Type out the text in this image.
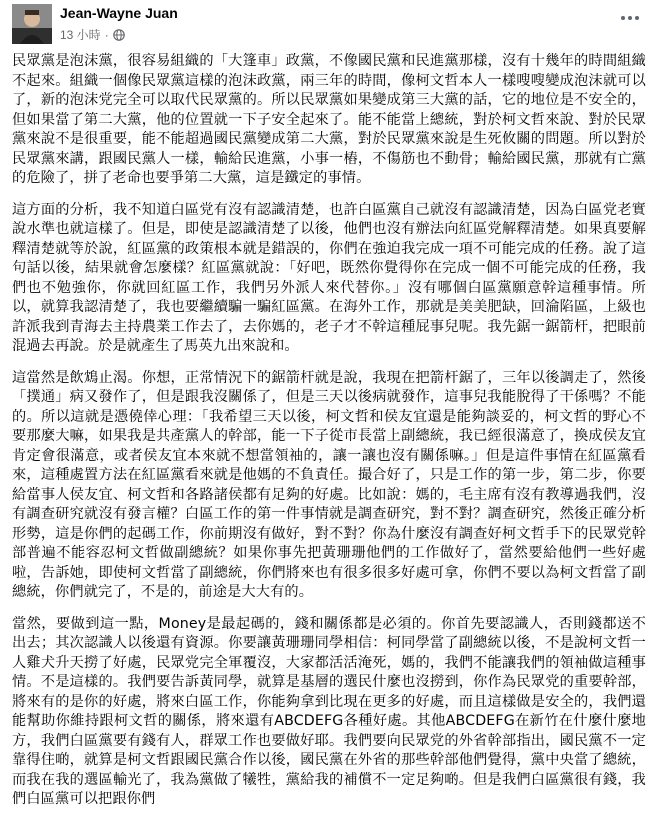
Jean-Wayne Juan
13 小時 ·

民眾黨是泡沫黨，很容易組織的「大篷車」政黨，不像國民黨和民進黨那樣，沒有十幾年的時間組織不起來。組織一個像民眾黨這樣的泡沫政黨，兩三年的時間，像柯文哲本人一樣嗖嗖變成泡沫就可以了，新的泡沫党完全可以取代民眾黨的。所以民眾黨如果變成第三大黨的話，它的地位是不安全的，但如果當了第二大黨，他的位置就一下子安全起來了。能不能當上總統，對於柯文哲來說、對於民眾黨來說不是很重要，能不能超過國民黨變成第二大黨，對於民眾黨來說是生死攸關的問題。所以對於民眾黨來講，跟國民黨人一樣，輸給民進黨，小事一樁，不傷筋也不動骨；輸給國民黨，那就有亡黨的危險了，拼了老命也要爭第二大黨，這是鐵定的事情。

這方面的分析，我不知道白區党有沒有認識清楚，也許白區黨自己就沒有認識清楚，因為白區党老實說水準也就這樣了。但是，即使是認識清楚了以後，他們也沒有辦法向紅區党解釋清楚。如果真要解釋清楚就等於說，紅區黨的政策根本就是錯誤的，你們在強迫我完成一項不可能完成的任務。說了這句話以後，結果就會怎麼樣？紅區黨就說：「好吧，既然你覺得你在完成一個不可能完成的任務，我們也不勉強你，你就回紅區工作，我們另外派人來代替你。」沒有哪個白區黨願意幹這種事情。所以，就算我認清楚了，我也要繼續騙一騙紅區黨。在海外工作，那就是美美肥缺，回淪陷區，上級也許派我到青海去主持農業工作去了，去你媽的，老子才不幹這種屁事兒呢。我先鋸一鋸箭杆，把眼前混過去再說。於是就產生了馬英九出來說和。

這當然是飲鴆止渴。你想，正常情況下的鋸箭杆就是說，我現在把箭杆鋸了，三年以後調走了，然後「撲通」病又發作了，但是跟我沒關係了，但是三天以後病就發作，這事兒我能脫得了干係嗎？不能的。所以這就是憑僥倖心理：「我希望三天以後，柯文哲和侯友宜還是能夠談妥的，柯文哲的野心不要那麼大嘛，如果我是共產黨人的幹部，能一下子從市長當上副總統，我已經很滿意了，換成侯友宜肯定會很滿意，或者侯友宜本來就不想當領袖的，讓一讓也沒有關係嘛。」但是這件事情在紅區黨看來，這種處置方法在紅區黨看來就是他媽的不負責任。撮合好了，只是工作的第一步，第二步，你要給當事人侯友宜、柯文哲和各路諸侯都有足夠的好處。比如說：媽的，毛主席有沒有教導過我們，沒有調查研究就沒有發言權？白區工作的第一件事情就是調查研究，對不對？調查研究，然後正確分析形勢，這是你們的起碼工作，你前期沒有做好，對不對？你為什麼沒有調查好柯文哲手下的民眾党幹部普遍不能容忍柯文哲做副總統？如果你事先把黃珊珊他們的工作做好了，當然要給他們一些好處啦，告訴她，即使柯文哲當了副總統，你們將來也有很多很多好處可拿，你們不要以為柯文哲當了副總統，你們就完了，不是的，前途是大大有的。

當然，要做到這一點，Money是最起碼的，錢和關係都是必須的。你首先要認識人，否則錢都送不出去；其次認識人以後還有資源。你要讓黃珊珊同學相信：柯同學當了副總統以後，不是說柯文哲一人雞犬升天撈了好處，民眾党完全軍覆沒，大家都活活淹死，媽的，我們不能讓我們的領袖做這種事情。不是這樣的。我們要告訴黃同學，就算是基層的選民什麼也沒撈到，你作為民眾党的重要幹部，將來有的是你的好處，將來白區工作，你能夠拿到比現在更多的好處，而且這樣做是安全的，我們還能幫助你維持跟柯文哲的關係，將來還有ABCDEFG各種好處。其他ABCDEFG在新竹在什麼什麼地方，我們白區黨要有錢有人，群眾工作也要做好耶。我們要向民眾党的外省幹部指出，國民黨不一定靠得住啲，就算是柯文哲跟國民黨合作以後，國民黨在外省的那些幹部他們覺得，黨中央當了總統，而我在我的選區輸光了，我為黨做了犧牲，黨給我的補償不一定足夠啲。但是我們白區黨很有錢，我們白區黨可以把跟你們
